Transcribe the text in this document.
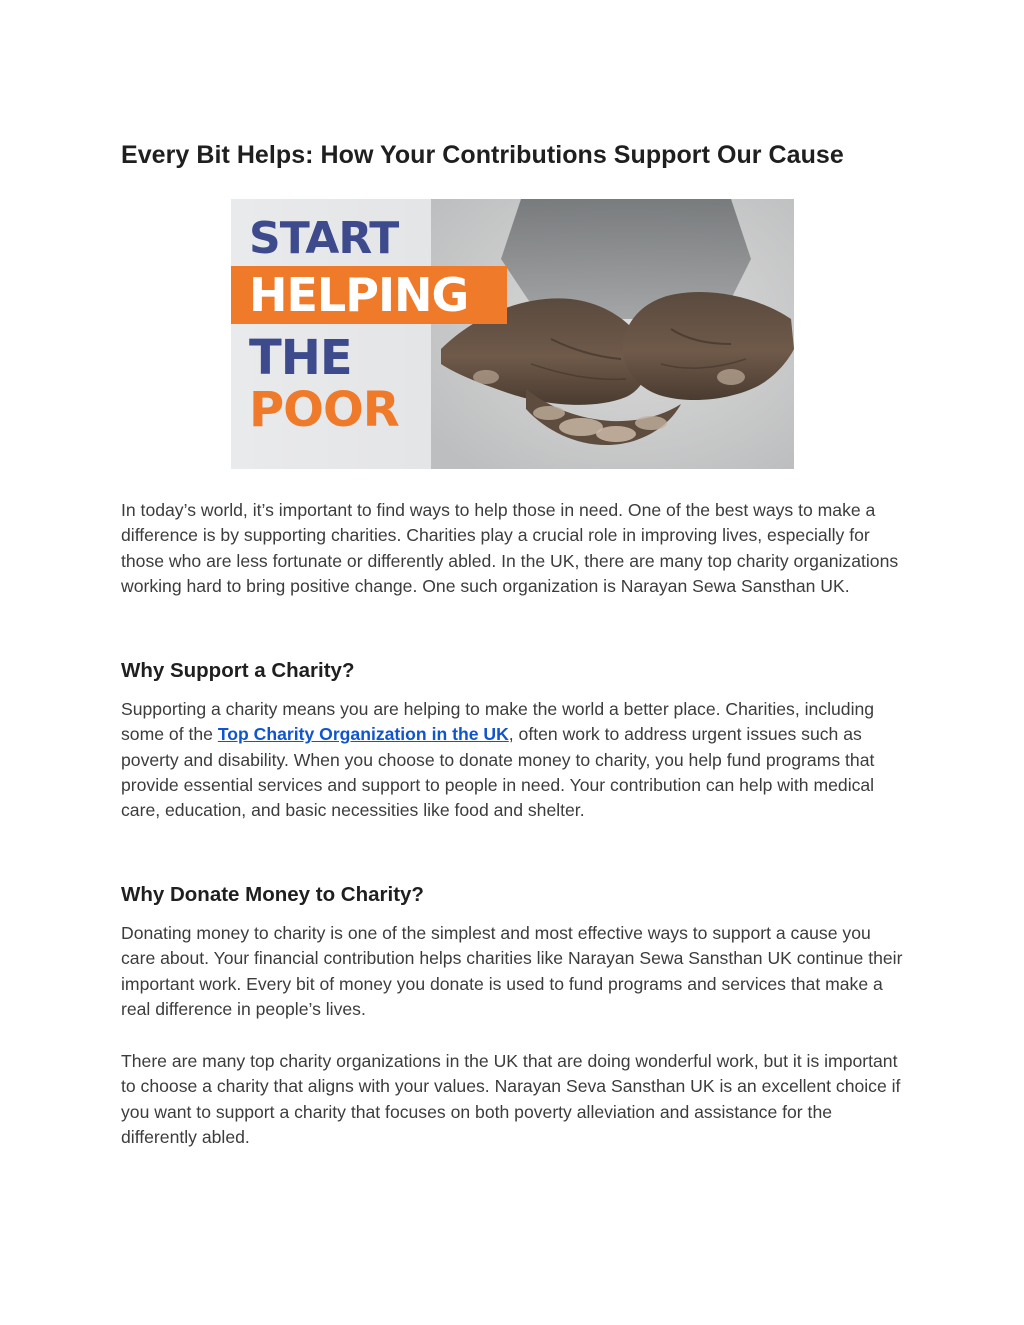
Every Bit Helps: How Your Contributions Support Our Cause
START
HELPING
THE
POOR

In today’s world, it’s important to find ways to help those in need. One of the best ways to make a difference is by supporting charities. Charities play a crucial role in improving lives, especially for those who are less fortunate or differently abled. In the UK, there are many top charity organizations working hard to bring positive change. One such organization is Narayan Sewa Sansthan UK.

Why Support a Charity?

Supporting a charity means you are helping to make the world a better place. Charities, including some of the Top Charity Organization in the UK, often work to address urgent issues such as poverty and disability. When you choose to donate money to charity, you help fund programs that provide essential services and support to people in need. Your contribution can help with medical care, education, and basic necessities like food and shelter.

Why Donate Money to Charity?

Donating money to charity is one of the simplest and most effective ways to support a cause you care about. Your financial contribution helps charities like Narayan Sewa Sansthan UK continue their important work. Every bit of money you donate is used to fund programs and services that make a real difference in people’s lives.

There are many top charity organizations in the UK that are doing wonderful work, but it is important to choose a charity that aligns with your values. Narayan Seva Sansthan UK is an excellent choice if you want to support a charity that focuses on both poverty alleviation and assistance for the differently abled.
